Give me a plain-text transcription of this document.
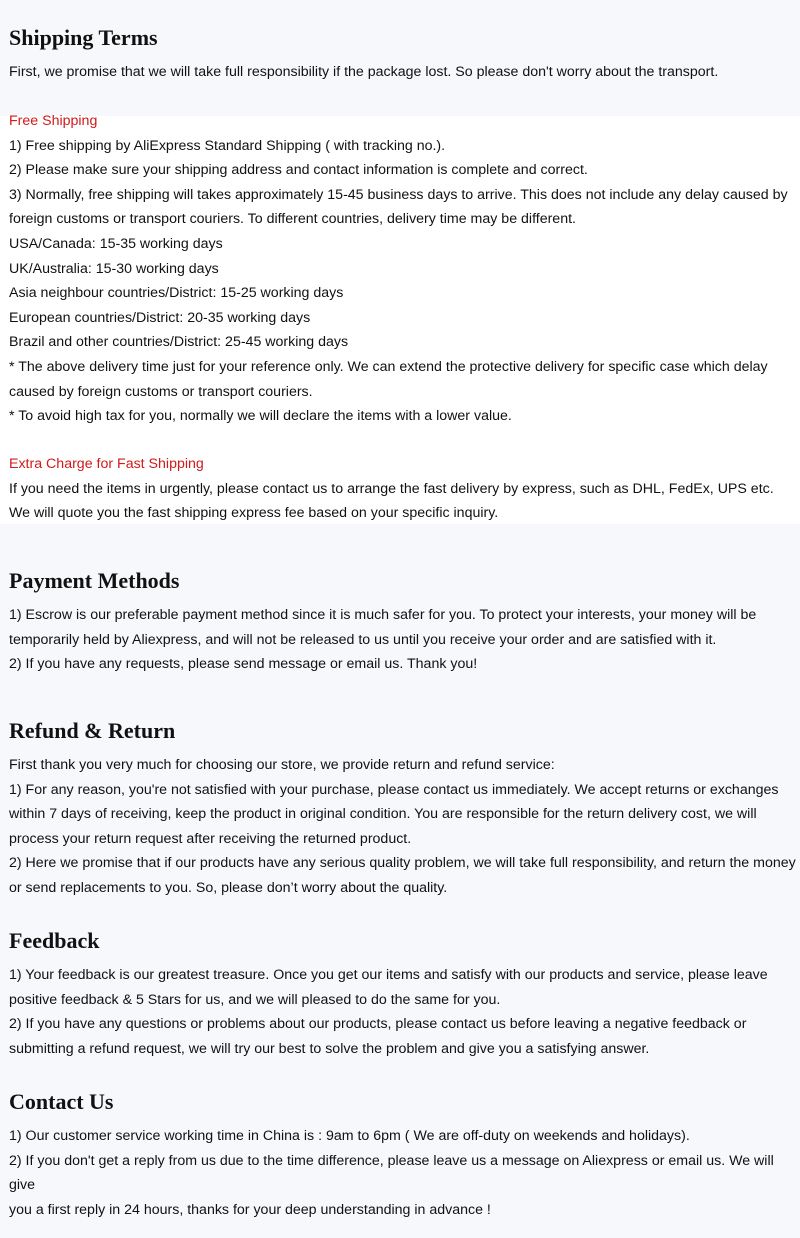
Shipping Terms

First, we promise that we will take full responsibility if the package lost. So please don't worry about the transport.

Free Shipping

1) Free shipping by AliExpress Standard Shipping ( with tracking no.).

2) Please make sure your shipping address and contact information is complete and correct.

3) Normally, free shipping will takes approximately 15-45 business days to arrive. This does not include any delay caused by

foreign customs or transport couriers. To different countries, delivery time may be different.

USA/Canada: 15-35 working days

UK/Australia: 15-30 working days

Asia neighbour countries/District: 15-25 working days

European countries/District: 20-35 working days

Brazil and other countries/District: 25-45 working days

* The above delivery time just for your reference only. We can extend the protective delivery for specific case which delay

caused by foreign customs or transport couriers.

* To avoid high tax for you, normally we will declare the items with a lower value.

Extra Charge for Fast Shipping

If you need the items in urgently, please contact us to arrange the fast delivery by express, such as DHL, FedEx, UPS etc.

We will quote you the fast shipping express fee based on your specific inquiry.

Payment Methods

1) Escrow is our preferable payment method since it is much safer for you. To protect your interests, your money will be

temporarily held by Aliexpress, and will not be released to us until you receive your order and are satisfied with it.

2) If you have any requests, please send message or email us. Thank you!

Refund & Return

First thank you very much for choosing our store, we provide return and refund service:

1) For any reason, you're not satisfied with your purchase, please contact us immediately. We accept returns or exchanges

within 7 days of receiving, keep the product in original condition. You are responsible for the return delivery cost, we will

process your return request after receiving the returned product.

2) Here we promise that if our products have any serious quality problem, we will take full responsibility, and return the money

or send replacements to you. So, please don’t worry about the quality.

Feedback

1) Your feedback is our greatest treasure. Once you get our items and satisfy with our products and service, please leave

positive feedback & 5 Stars for us, and we will pleased to do the same for you.

2) If you have any questions or problems about our products, please contact us before leaving a negative feedback or

submitting a refund request, we will try our best to solve the problem and give you a satisfying answer.

Contact Us

1) Our customer service working time in China is : 9am to 6pm ( We are off-duty on weekends and holidays).

2) If you don't get a reply from us due to the time difference, please leave us a message on Aliexpress or email us. We will give

you a first reply in 24 hours, thanks for your deep understanding in advance !
